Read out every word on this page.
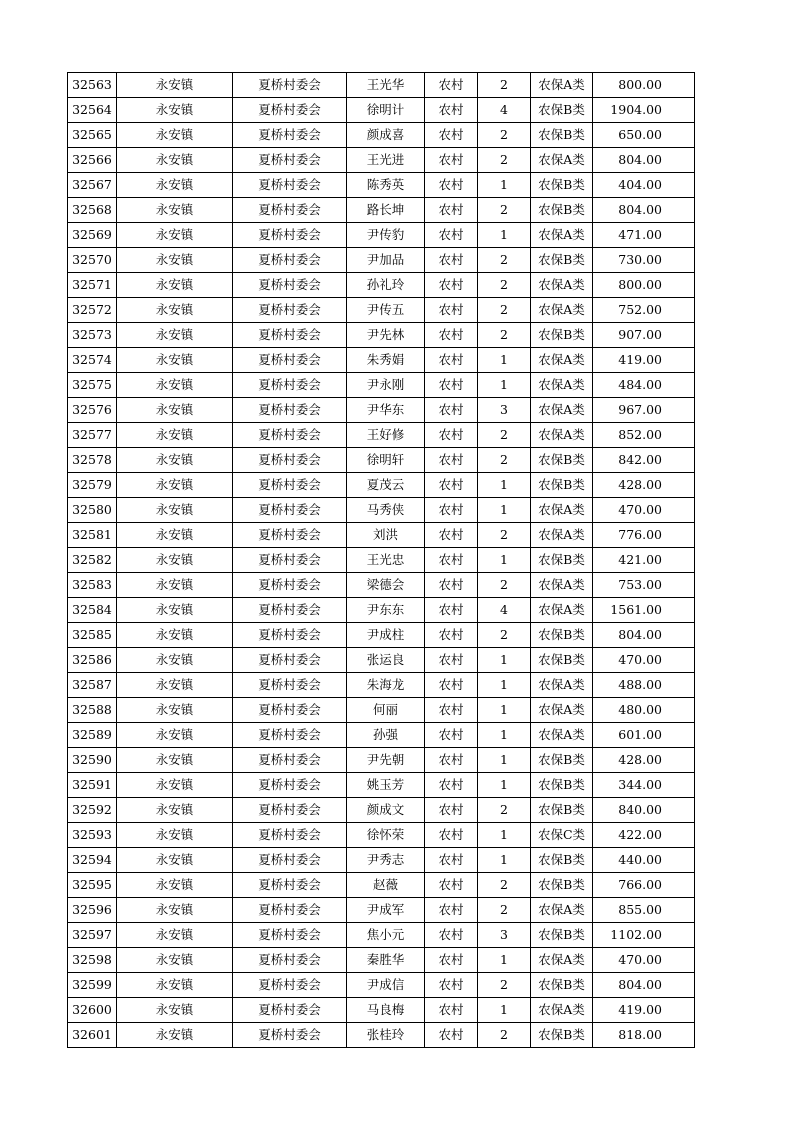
32563	永安镇	夏桥村委会	王光华	农村	2	农保A类	800.00
32564	永安镇	夏桥村委会	徐明计	农村	4	农保B类	1904.00
32565	永安镇	夏桥村委会	颜成喜	农村	2	农保B类	650.00
32566	永安镇	夏桥村委会	王光进	农村	2	农保A类	804.00
32567	永安镇	夏桥村委会	陈秀英	农村	1	农保B类	404.00
32568	永安镇	夏桥村委会	路长坤	农村	2	农保B类	804.00
32569	永安镇	夏桥村委会	尹传豹	农村	1	农保A类	471.00
32570	永安镇	夏桥村委会	尹加品	农村	2	农保B类	730.00
32571	永安镇	夏桥村委会	孙礼玲	农村	2	农保A类	800.00
32572	永安镇	夏桥村委会	尹传五	农村	2	农保A类	752.00
32573	永安镇	夏桥村委会	尹先林	农村	2	农保B类	907.00
32574	永安镇	夏桥村委会	朱秀娟	农村	1	农保A类	419.00
32575	永安镇	夏桥村委会	尹永刚	农村	1	农保A类	484.00
32576	永安镇	夏桥村委会	尹华东	农村	3	农保A类	967.00
32577	永安镇	夏桥村委会	王好修	农村	2	农保A类	852.00
32578	永安镇	夏桥村委会	徐明轩	农村	2	农保B类	842.00
32579	永安镇	夏桥村委会	夏茂云	农村	1	农保B类	428.00
32580	永安镇	夏桥村委会	马秀侠	农村	1	农保A类	470.00
32581	永安镇	夏桥村委会	刘洪	农村	2	农保A类	776.00
32582	永安镇	夏桥村委会	王光忠	农村	1	农保B类	421.00
32583	永安镇	夏桥村委会	梁德会	农村	2	农保A类	753.00
32584	永安镇	夏桥村委会	尹东东	农村	4	农保A类	1561.00
32585	永安镇	夏桥村委会	尹成柱	农村	2	农保B类	804.00
32586	永安镇	夏桥村委会	张运良	农村	1	农保B类	470.00
32587	永安镇	夏桥村委会	朱海龙	农村	1	农保A类	488.00
32588	永安镇	夏桥村委会	何丽	农村	1	农保A类	480.00
32589	永安镇	夏桥村委会	孙强	农村	1	农保A类	601.00
32590	永安镇	夏桥村委会	尹先朝	农村	1	农保B类	428.00
32591	永安镇	夏桥村委会	姚玉芳	农村	1	农保B类	344.00
32592	永安镇	夏桥村委会	颜成文	农村	2	农保B类	840.00
32593	永安镇	夏桥村委会	徐怀荣	农村	1	农保C类	422.00
32594	永安镇	夏桥村委会	尹秀志	农村	1	农保B类	440.00
32595	永安镇	夏桥村委会	赵薇	农村	2	农保B类	766.00
32596	永安镇	夏桥村委会	尹成军	农村	2	农保A类	855.00
32597	永安镇	夏桥村委会	焦小元	农村	3	农保B类	1102.00
32598	永安镇	夏桥村委会	秦胜华	农村	1	农保A类	470.00
32599	永安镇	夏桥村委会	尹成信	农村	2	农保B类	804.00
32600	永安镇	夏桥村委会	马良梅	农村	1	农保A类	419.00
32601	永安镇	夏桥村委会	张桂玲	农村	2	农保B类	818.00
